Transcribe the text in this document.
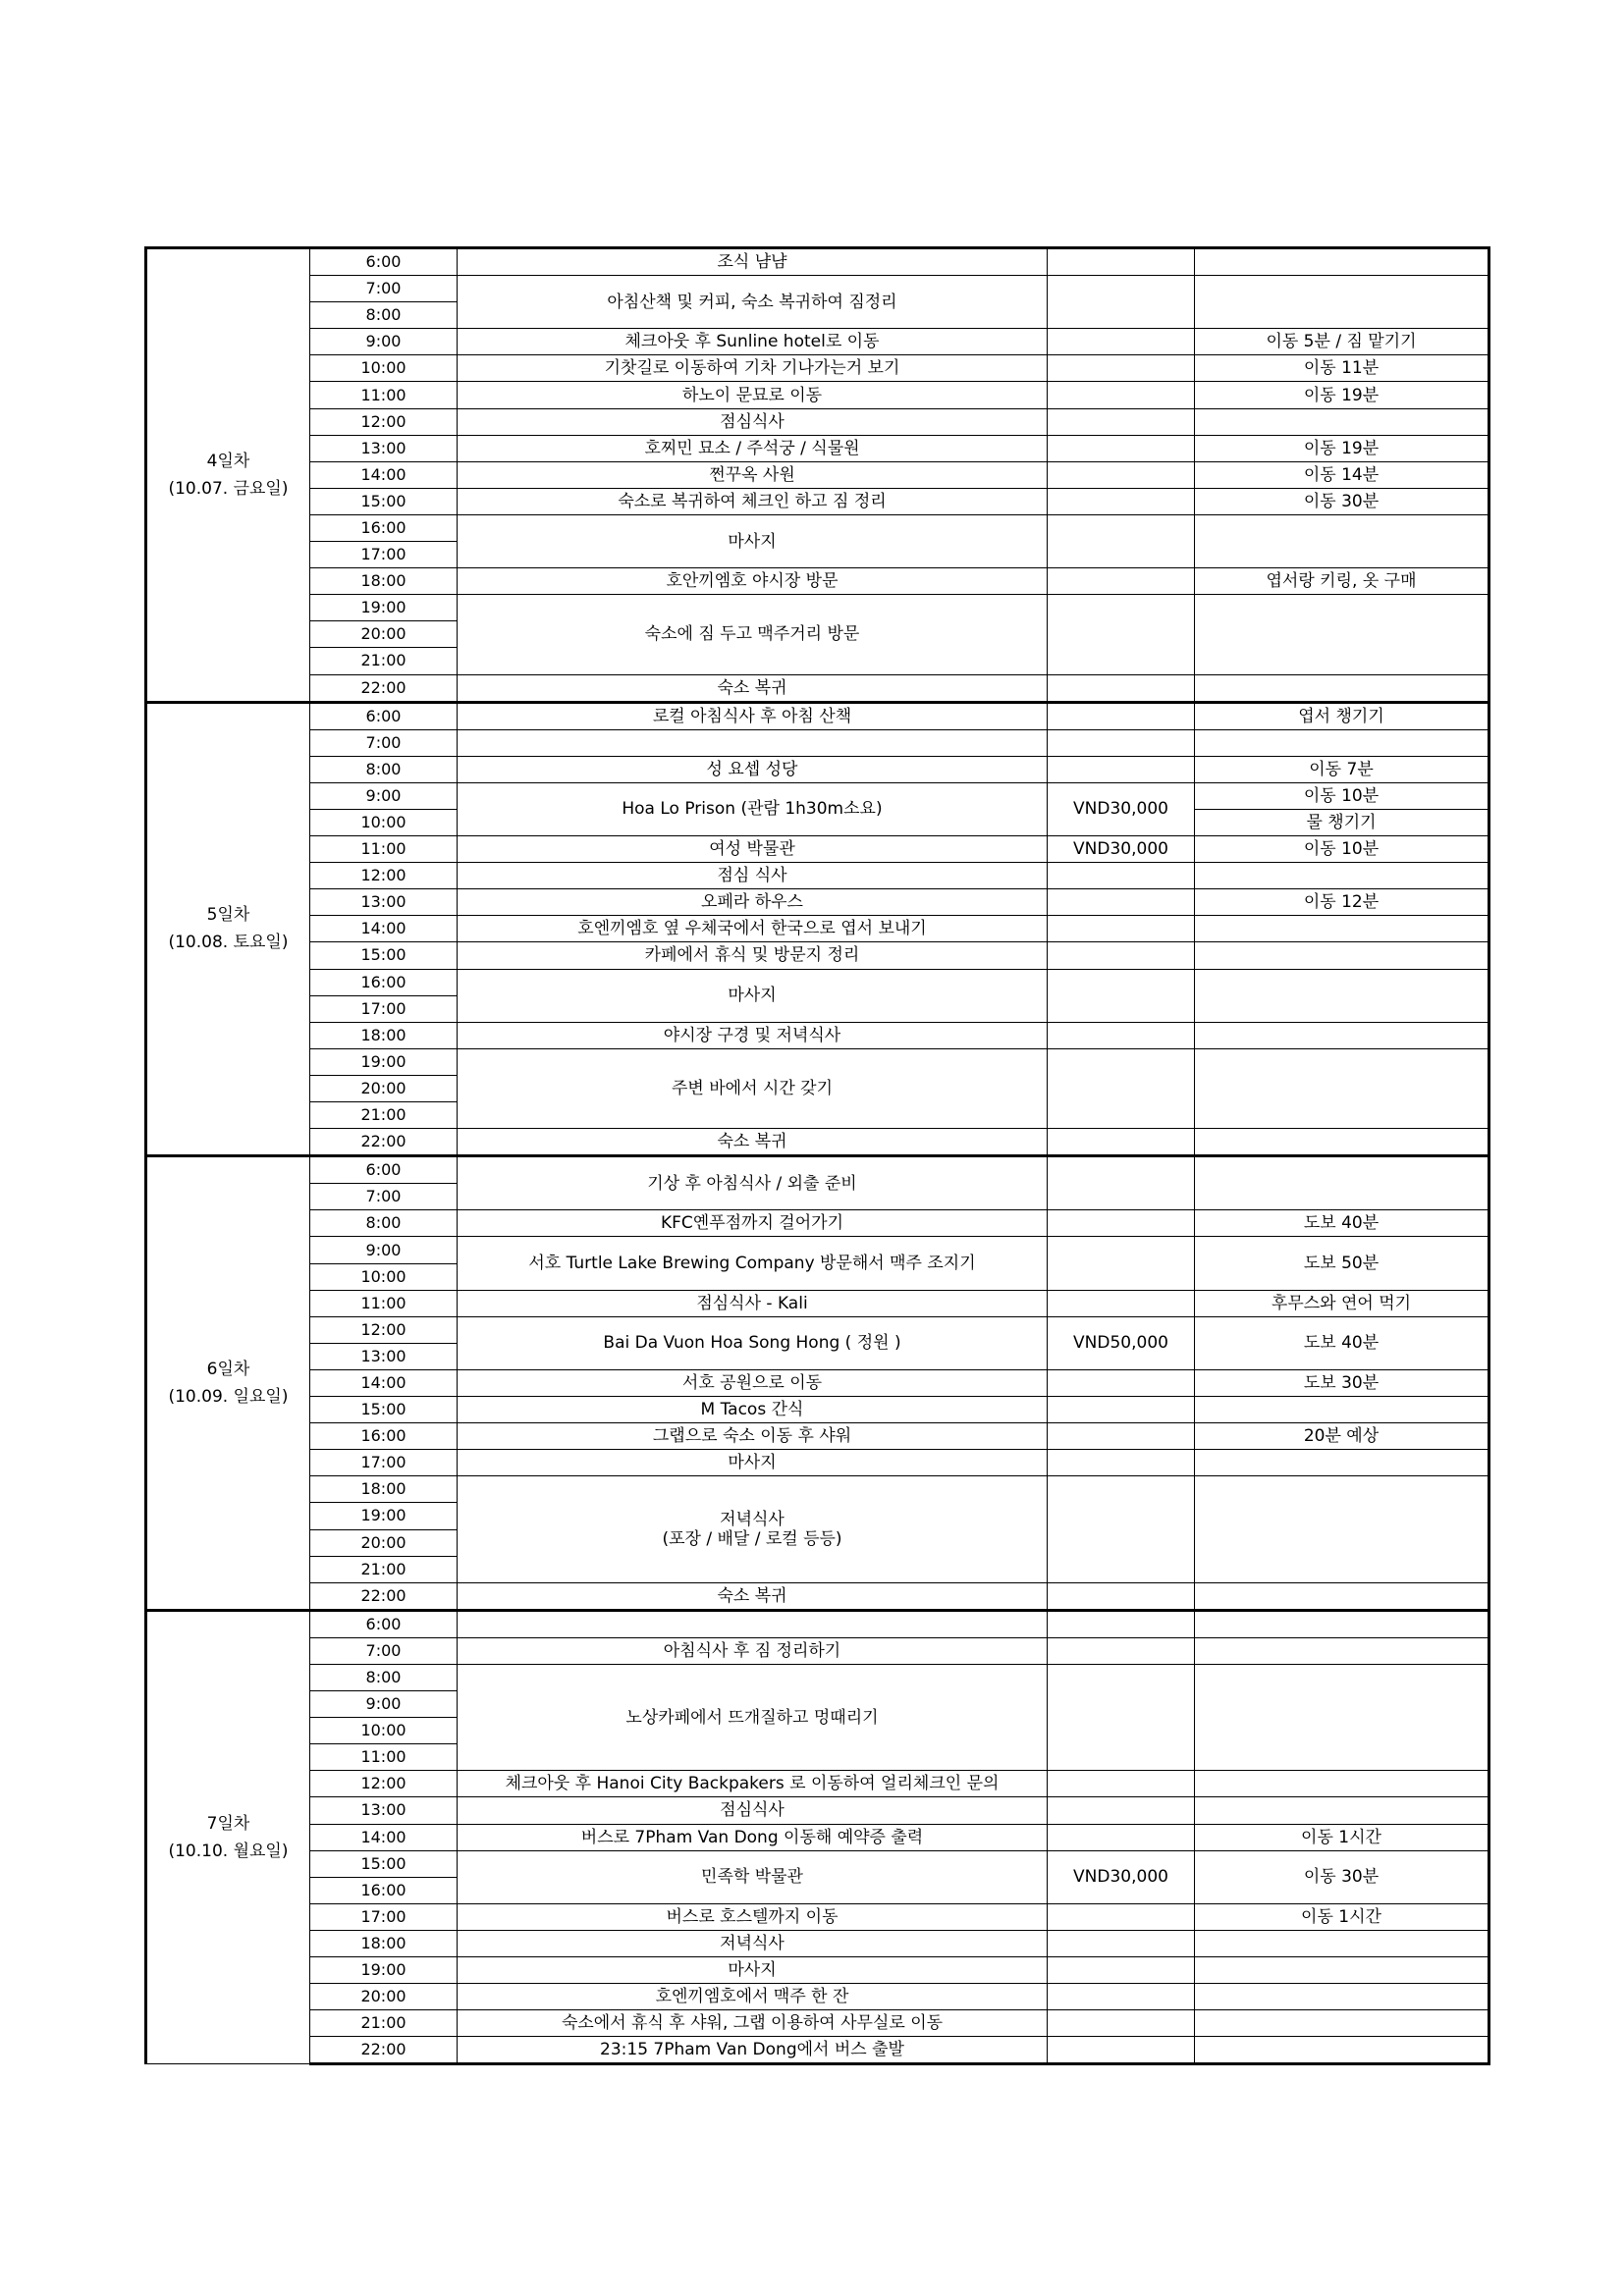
4일차
(10.07. 금요일)	6:00	조식 냠냠		
	7:00	아침산책 및 커피, 숙소 복귀하여 짐정리		
	8:00			
	9:00	체크아웃 후 Sunline hotel로 이동		이동 5분 / 짐 맡기기
	10:00	기찻길로 이동하여 기차 기나가는거 보기		이동 11분
	11:00	하노이 문묘로 이동		이동 19분
	12:00	점심식사		
	13:00	호찌민 묘소 / 주석궁 / 식물원		이동 19분
	14:00	쩐꾸옥 사원		이동 14분
	15:00	숙소로 복귀하여 체크인 하고 짐 정리		이동 30분
	16:00	마사지		
	17:00			
	18:00	호안끼엠호 야시장 방문		엽서랑 키링, 옷 구매
	19:00	숙소에 짐 두고 맥주거리 방문		
	20:00			
	21:00			
	22:00	숙소 복귀		

5일차
(10.08. 토요일)	6:00	로컬 아침식사 후 아침 산책		엽서 챙기기
	7:00			
	8:00	성 요셉 성당		이동 7분
	9:00	Hoa Lo Prison (관람 1h30m소요)	VND30,000	이동 10분
	10:00			물 챙기기
	11:00	여성 박물관	VND30,000	이동 10분
	12:00	점심 식사		
	13:00	오페라 하우스		이동 12분
	14:00	호엔끼엠호 옆 우체국에서 한국으로 엽서 보내기		
	15:00	카페에서 휴식 및 방문지 정리		
	16:00	마사지		
	17:00			
	18:00	야시장 구경 및 저녁식사		
	19:00	주변 바에서 시간 갖기		
	20:00			
	21:00			
	22:00	숙소 복귀		

6일차
(10.09. 일요일)	6:00	기상 후 아침식사 / 외출 준비		
	7:00			
	8:00	KFC옌푸점까지 걸어가기		도보 40분
	9:00	서호 Turtle Lake Brewing Company 방문해서 맥주 조지기		도보 50분
	10:00			
	11:00	점심식사 - Kali		후무스와 연어 먹기
	12:00	Bai Da Vuon Hoa Song Hong ( 정원 )	VND50,000	도보 40분
	13:00			
	14:00	서호 공원으로 이동		도보 30분
	15:00	M Tacos 간식		
	16:00	그랩으로 숙소 이동 후 샤워		20분 예상
	17:00	마사지		
	18:00	저녁식사
(포장 / 배달 / 로컬 등등)		
	19:00			
	20:00			
	21:00			
	22:00	숙소 복귀		

7일차
(10.10. 월요일)	6:00			
	7:00	아침식사 후 짐 정리하기		
	8:00	노상카페에서 뜨개질하고 멍때리기		
	9:00			
	10:00			
	11:00			
	12:00	체크아웃 후 Hanoi City Backpakers 로 이동하여 얼리체크인 문의		
	13:00	점심식사		
	14:00	버스로 7Pham Van Dong 이동해 예약증 출력		이동 1시간
	15:00	민족학 박물관	VND30,000	이동 30분
	16:00			
	17:00	버스로 호스텔까지 이동		이동 1시간
	18:00	저녁식사		
	19:00	마사지		
	20:00	호엔끼엠호에서 맥주 한 잔		
	21:00	숙소에서 휴식 후 샤워, 그랩 이용하여 사무실로 이동		
	22:00	23:15 7Pham Van Dong에서 버스 출발		
